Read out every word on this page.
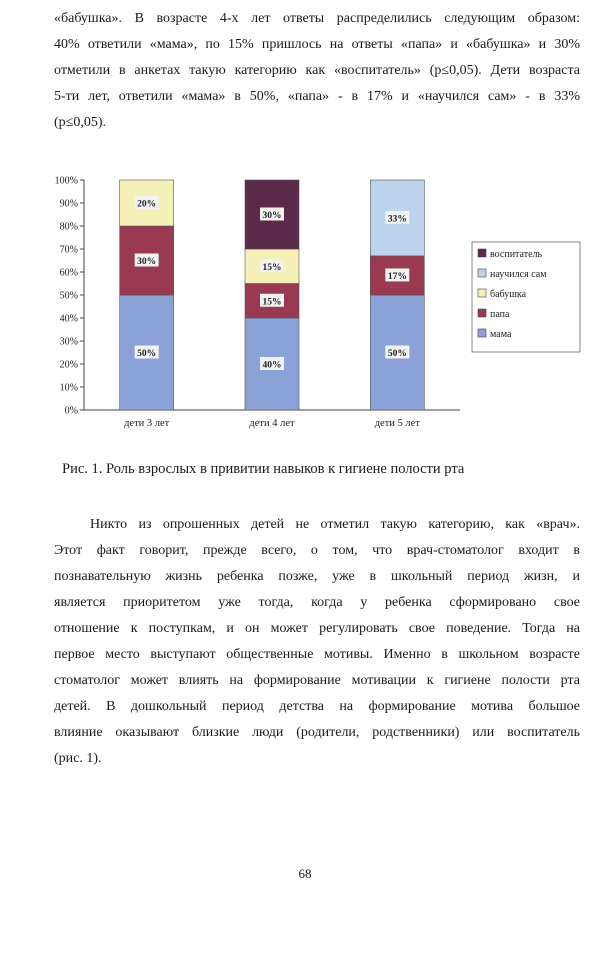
«бабушка». В возрасте 4-х лет ответы распределились следующим образом:
40% ответили «мама», по 15% пришлось на ответы «папа» и «бабушка» и 30%
отметили в анкетах такую категорию как «воспитатель» (p≤0,05). Дети возраста
5-ти лет, ответили «мама» в 50%, «папа» - в 17% и «научился сам» - в 33%
(p≤0,05).
0%
10%
20%
30%
40%
50%
60%
70%
80%
90%
100%
50%
30%
20%
дети 3 лет
40%
15%
15%
30%
дети 4 лет
50%
17%
33%
дети 5 лет
воспитатель
научился сам
бабушка
папа
мама
Рис. 1. Роль взрослых в привитии навыков к гигиене полости рта
Никто из опрошенных детей не отметил такую категорию, как «врач».
Этот факт говорит, прежде всего, о том, что врач-стоматолог входит в
познавательную жизнь ребенка позже, уже в школьный период жизн, и
является приоритетом уже тогда, когда у ребенка сформировано свое
отношение к поступкам, и он может регулировать свое поведение. Тогда на
первое место выступают общественные мотивы. Именно в школьном возрасте
стоматолог может влиять на формирование мотивации к гигиене полости рта
детей. В дошкольный период детства на формирование мотива большое
влияние оказывают близкие люди (родители, родственники) или воспитатель
(рис. 1).
68
